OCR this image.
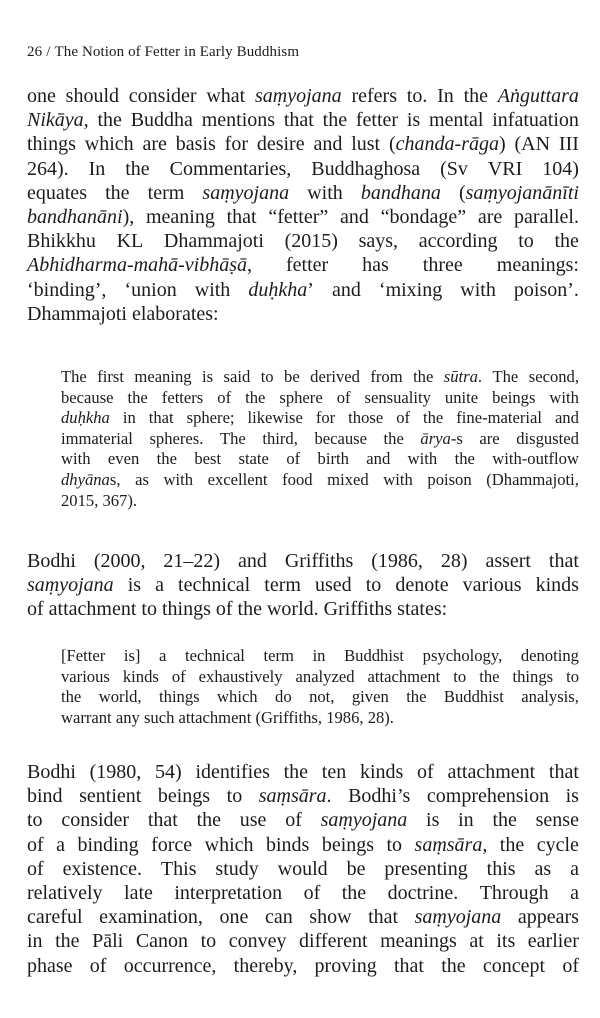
26 / The Notion of Fetter in Early Buddhism
one should consider what saṃyojana refers to. In the Aṅguttara
Nikāya, the Buddha mentions that the fetter is mental infatuation
things which are basis for desire and lust (chanda-rāga) (AN III
264). In the Commentaries, Buddhaghosa (Sv VRI 104)
equates the term saṃyojana with bandhana (saṃyojanānīti
bandhanāni), meaning that “fetter” and “bondage” are parallel.
Bhikkhu KL Dhammajoti (2015) says, according to the
Abhidharma-mahā-vibhāṣā, fetter has three meanings:
‘binding’, ‘union with duḥkha’ and ‘mixing with poison’.
Dhammajoti elaborates:
The first meaning is said to be derived from the sūtra. The second,
because the fetters of the sphere of sensuality unite beings with
duḥkha in that sphere; likewise for those of the fine-material and
immaterial spheres. The third, because the ārya-s are disgusted
with even the best state of birth and with the with-outflow
dhyānas, as with excellent food mixed with poison (Dhammajoti,
2015, 367).
Bodhi (2000, 21–22) and Griffiths (1986, 28) assert that
saṃyojana is a technical term used to denote various kinds
of attachment to things of the world. Griffiths states:
[Fetter is] a technical term in Buddhist psychology, denoting
various kinds of exhaustively analyzed attachment to the things to
the world, things which do not, given the Buddhist analysis,
warrant any such attachment (Griffiths, 1986, 28).
Bodhi (1980, 54) identifies the ten kinds of attachment that
bind sentient beings to saṃsāra. Bodhi’s comprehension is
to consider that the use of saṃyojana is in the sense
of a binding force which binds beings to saṃsāra, the cycle
of existence. This study would be presenting this as a
relatively late interpretation of the doctrine. Through a
careful examination, one can show that saṃyojana appears
in the Pāli Canon to convey different meanings at its earlier
phase of occurrence, thereby, proving that the concept of
